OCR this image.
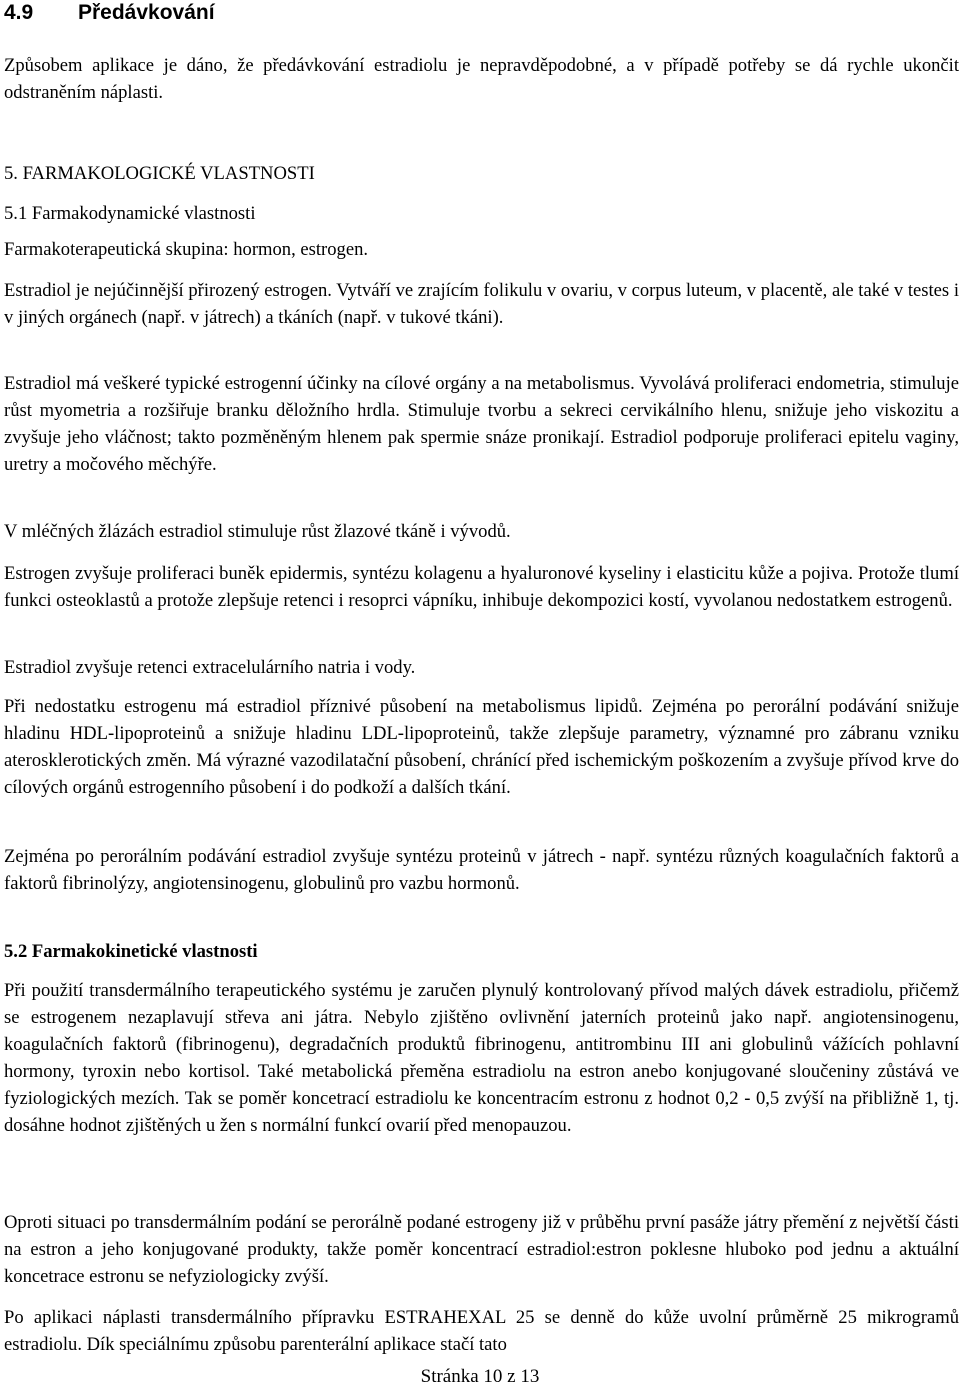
4.9 Předávkování
Způsobem aplikace je dáno, že předávkování estradiolu je nepravděpodobné, a v případě potřeby se dá rychle ukončit odstraněním náplasti.
5. FARMAKOLOGICKÉ VLASTNOSTI
5.1 Farmakodynamické vlastnosti
Farmakoterapeutická skupina: hormon, estrogen.
Estradiol je nejúčinnější přirozený estrogen. Vytváří ve zrajícím folikulu v ovariu, v corpus luteum, v placentě, ale také v testes i v jiných orgánech (např. v játrech) a tkáních (např. v tukové tkáni).
Estradiol má veškeré typické estrogenní účinky na cílové orgány a na metabolismus. Vyvolává proliferaci endometria, stimuluje růst myometria a rozšiřuje branku děložního hrdla. Stimuluje tvorbu a sekreci cervikálního hlenu, snižuje jeho viskozitu a zvyšuje jeho vláčnost; takto pozměněným hlenem pak spermie snáze pronikají. Estradiol podporuje proliferaci epitelu vaginy, uretry a močového měchýře.
V mléčných žlázách estradiol stimuluje růst žlazové tkáně i vývodů.
Estrogen zvyšuje proliferaci buněk epidermis, syntézu kolagenu a hyaluronové kyseliny i elasticitu kůže a pojiva. Protože tlumí funkci osteoklastů a protože zlepšuje retenci i resoprci vápníku, inhibuje dekompozici kostí, vyvolanou nedostatkem estrogenů.
Estradiol zvyšuje retenci extracelulárního natria i vody.
Při nedostatku estrogenu má estradiol příznivé působení na metabolismus lipidů. Zejména po perorální podávání snižuje hladinu HDL-lipoproteinů a snižuje hladinu LDL-lipoproteinů, takže zlepšuje parametry, významné pro zábranu vzniku aterosklerotických změn. Má výrazné vazodilatační působení, chránící před ischemickým poškozením a zvyšuje přívod krve do cílových orgánů estrogenního působení i do podkoží a dalších tkání.
Zejména po perorálním podávání estradiol zvyšuje syntézu proteinů v játrech - např. syntézu různých koagulačních faktorů a faktorů fibrinolýzy, angiotensinogenu, globulinů pro vazbu hormonů.
5.2 Farmakokinetické vlastnosti
Při použití transdermálního terapeutického systému je zaručen plynulý kontrolovaný přívod malých dávek estradiolu, přičemž se estrogenem nezaplavují střeva ani játra. Nebylo zjištěno ovlivnění jaterních proteinů jako např. angiotensinogenu, koagulačních faktorů (fibrinogenu), degradačních produktů fibrinogenu, antitrombinu III ani globulinů vážících pohlavní hormony, tyroxin nebo kortisol. Také metabolická přeměna estradiolu na estron anebo konjugované sloučeniny zůstává ve fyziologických mezích. Tak se poměr koncetrací estradiolu ke koncentracím estronu z hodnot 0,2 - 0,5 zvýší na přibližně 1, tj. dosáhne hodnot zjištěných u žen s normální funkcí ovarií před menopauzou.
Oproti situaci po transdermálním podání se perorálně podané estrogeny již v průběhu první pasáže játry přemění z největší části na estron a jeho konjugované produkty, takže poměr koncentrací estradiol:estron poklesne hluboko pod jednu a aktuální koncetrace estronu se nefyziologicky zvýší.
Po aplikaci náplasti transdermálního přípravku ESTRAHEXAL 25 se denně do kůže uvolní průměrně 25 mikrogramů estradiolu. Dík speciálnímu způsobu parenterální aplikace stačí tato
Stránka 10 z 13
